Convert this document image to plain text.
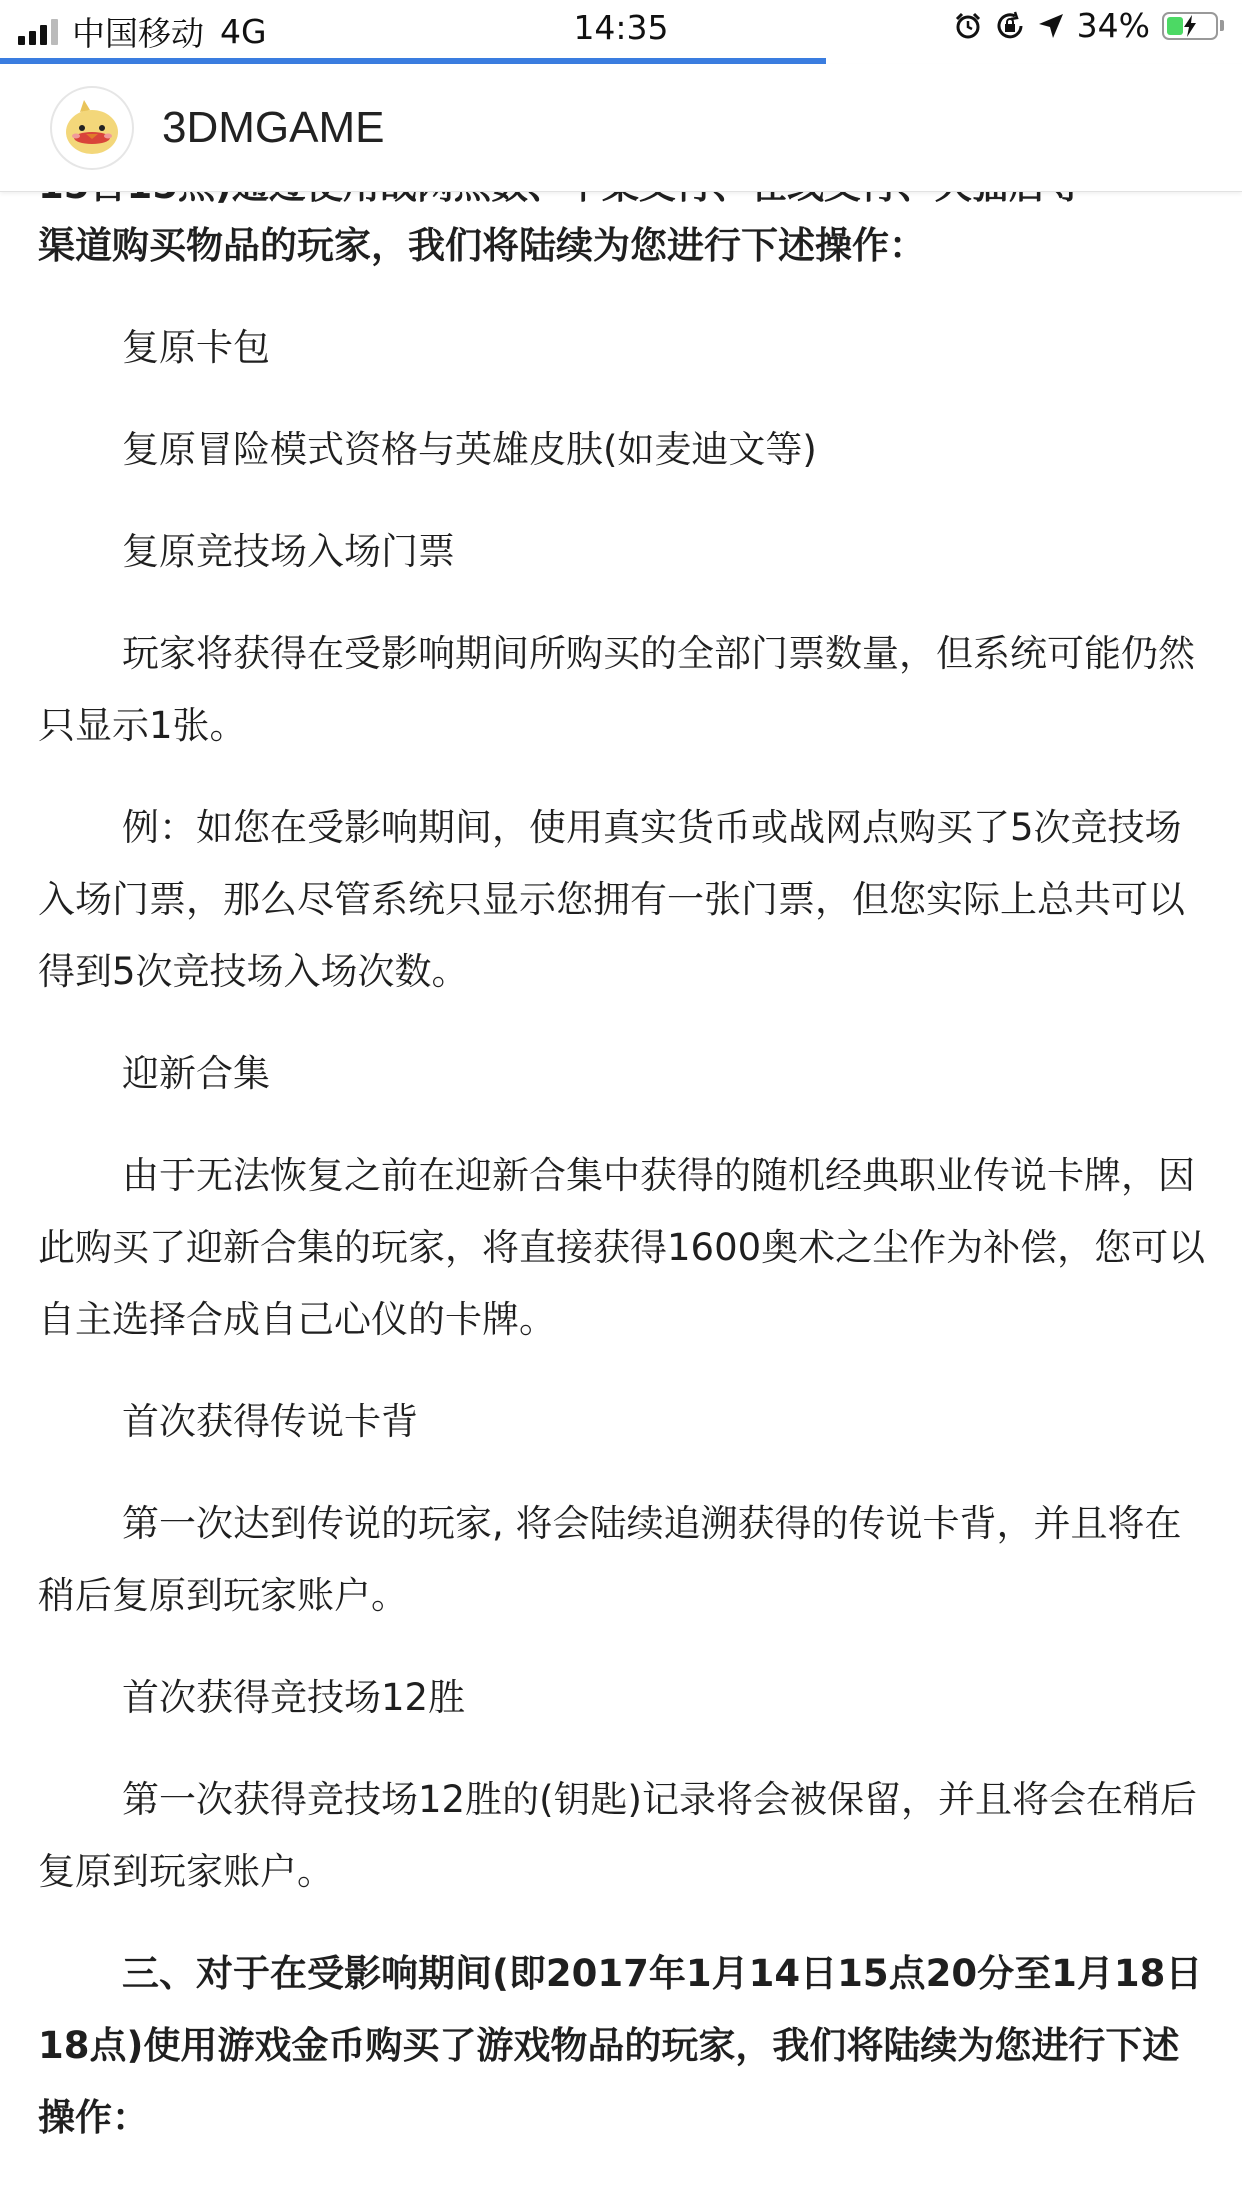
中国移动 4G	14:35	34%
3DMGAME

渠道购买物品的玩家，我们将陆续为您进行下述操作：

复原卡包

复原冒险模式资格与英雄皮肤(如麦迪文等)

复原竞技场入场门票

玩家将获得在受影响期间所购买的全部门票数量，但系统可能仍然只显示1张。

例：如您在受影响期间，使用真实货币或战网点购买了5次竞技场入场门票，那么尽管系统只显示您拥有一张门票，但您实际上总共可以得到5次竞技场入场次数。

迎新合集

由于无法恢复之前在迎新合集中获得的随机经典职业传说卡牌，因此购买了迎新合集的玩家，将直接获得1600奥术之尘作为补偿，您可以自主选择合成自己心仪的卡牌。

首次获得传说卡背

第一次达到传说的玩家, 将会陆续追溯获得的传说卡背，并且将在稍后复原到玩家账户。

首次获得竞技场12胜

第一次获得竞技场12胜的(钥匙)记录将会被保留，并且将会在稍后复原到玩家账户。

三、对于在受影响期间(即2017年1月14日15点20分至1月18日18点)使用游戏金币购买了游戏物品的玩家，我们将陆续为您进行下述操作：
